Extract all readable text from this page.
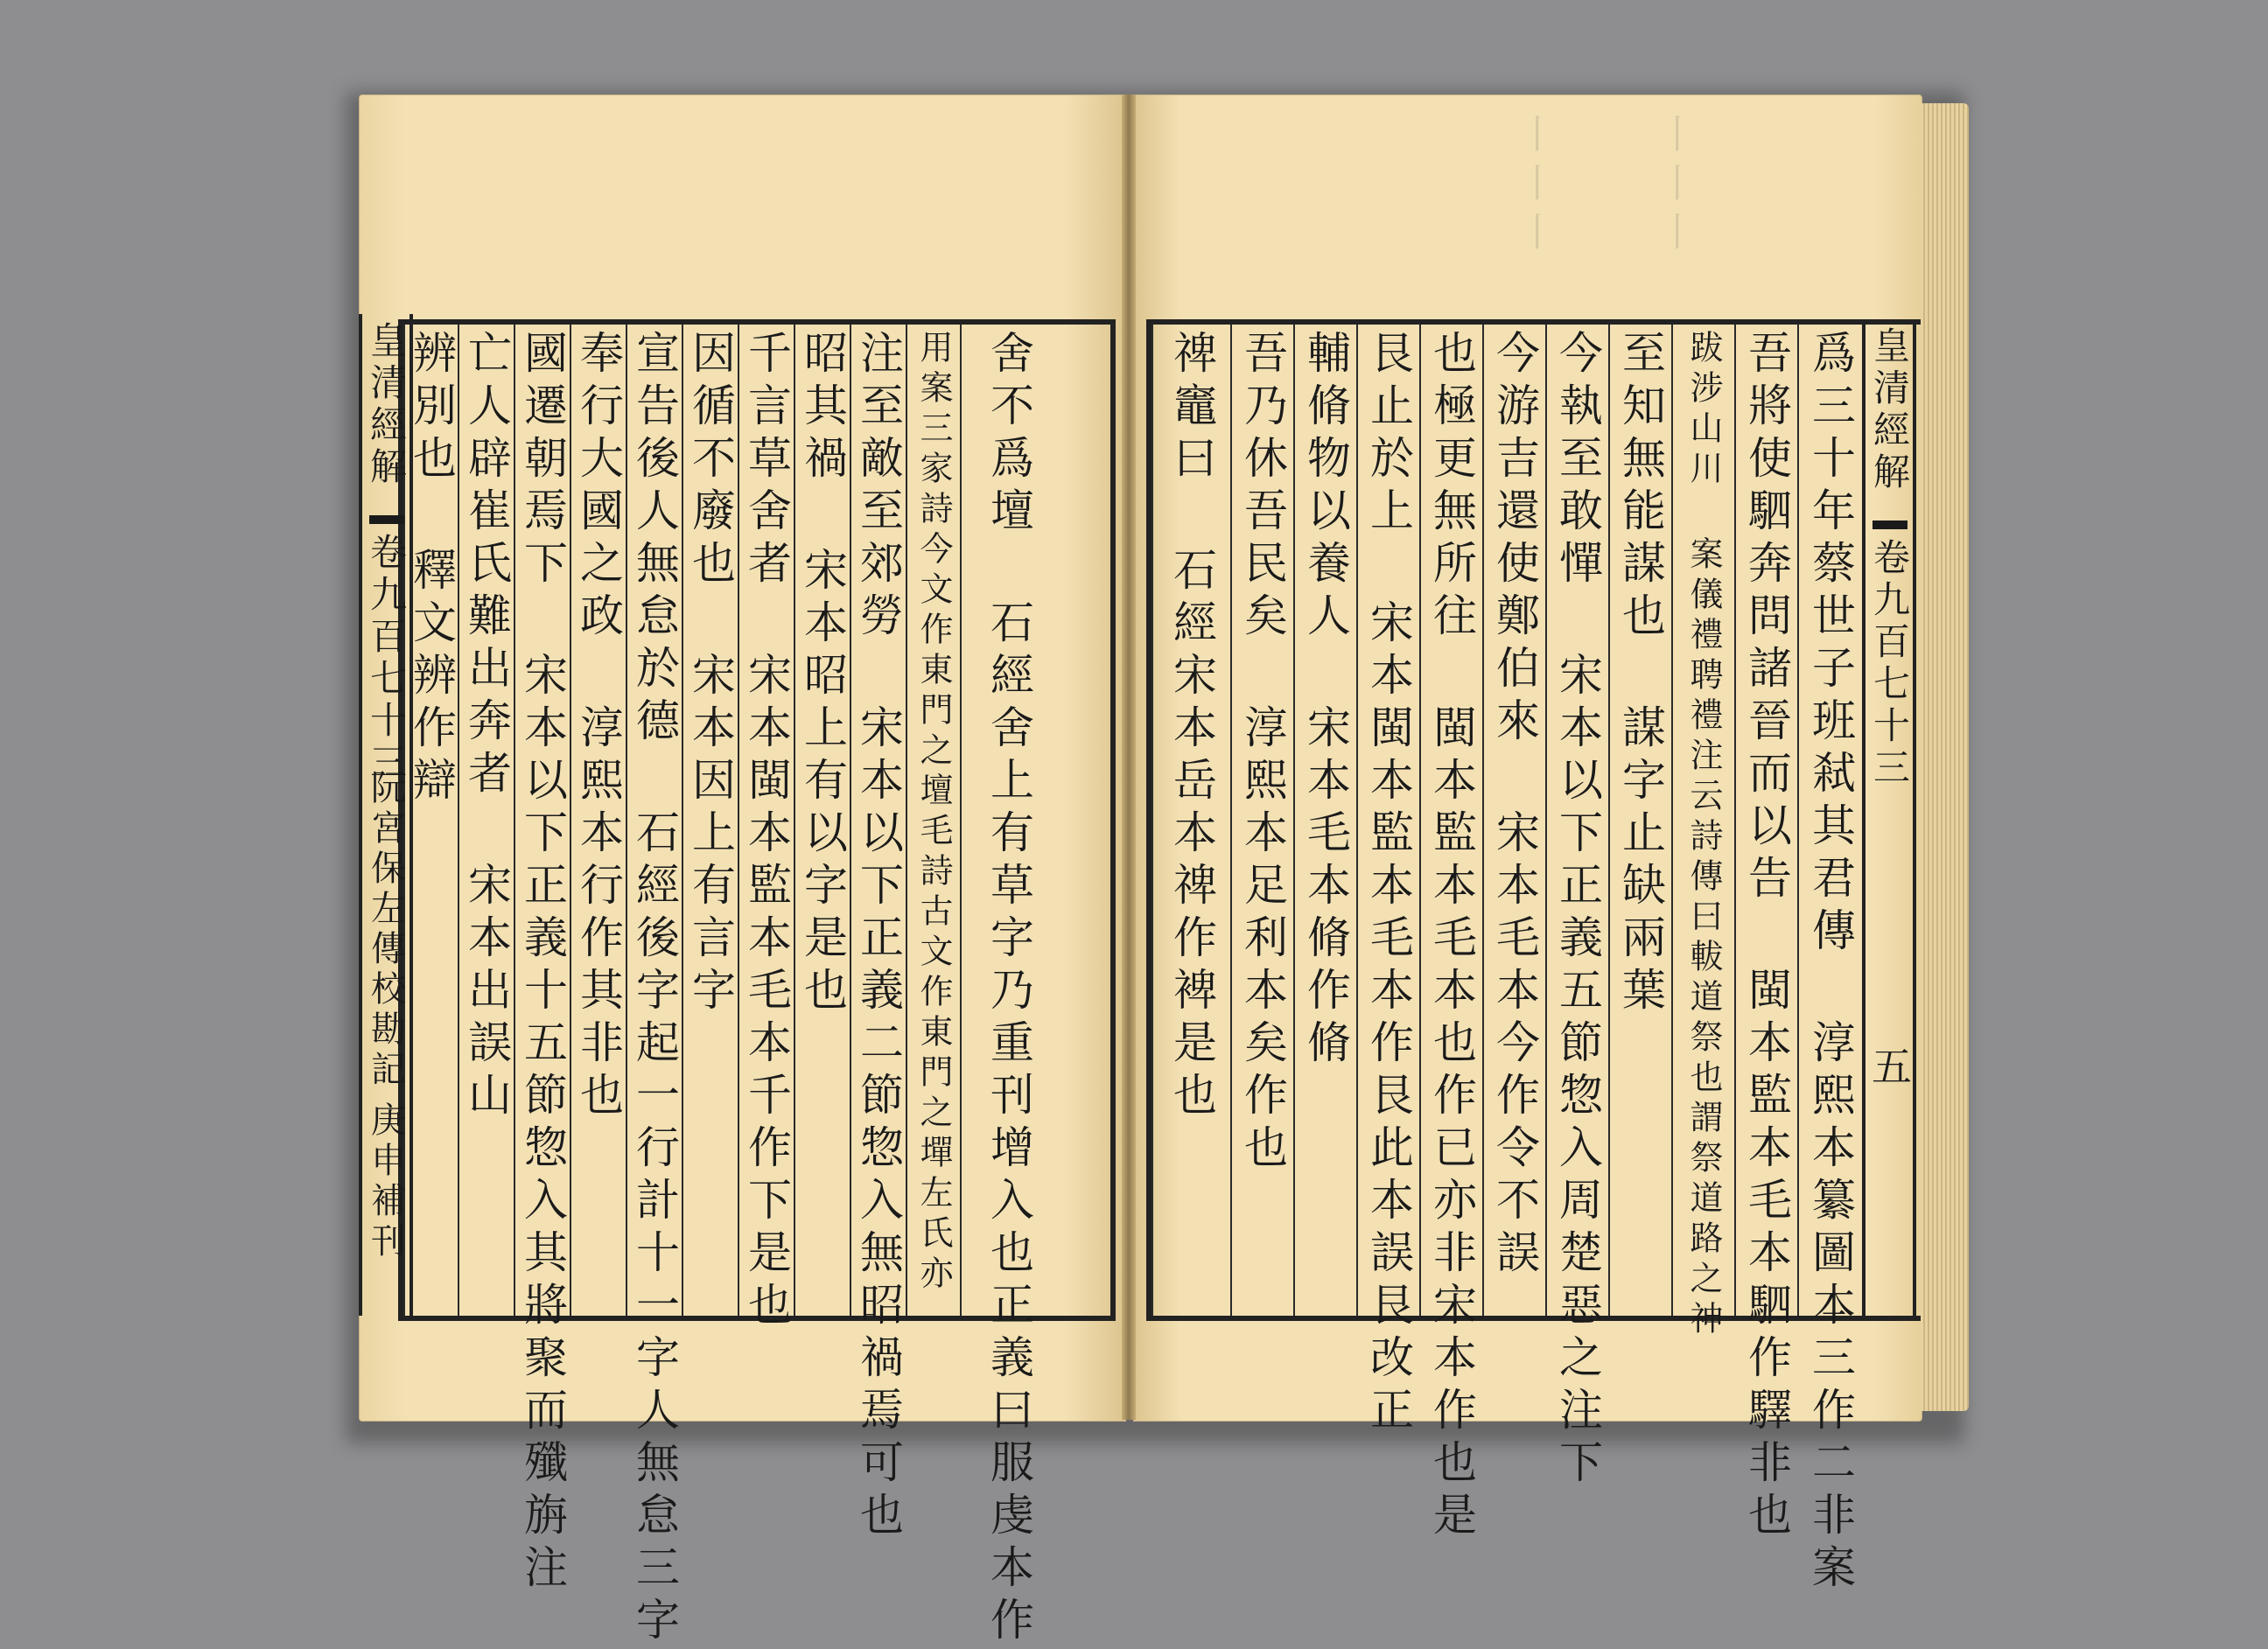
丨丨丨 丨丨丨
辨別也 釋文辨作辯 亡人辟崔氏難出奔者 宋本出誤山 國遷朝焉下 宋本以下正義十五節惣入其將聚而殲旃注 奉行大國之政 淳熙本行作其非也 宣告後人無怠於德 石經後字起一行計十一字人無怠三字 因循不廢也 宋本因上有言字 千言草舍者 宋本閩本監本毛本千作下是也 昭其禍 宋本昭上有以字是也 注至敵至郊勞 宋本以下正義二節惣入無昭禍焉可也 用案三家詩今文作東門之壇毛詩古文作東門之墠左氏亦 舍不爲壇 石經舍上有草字乃重刊增入也正義曰服虔本作
皇清經解
卷九百七十三
阮宮保左傳校勘記
庚申補刊
禆竈曰 石經宋本岳本禆作裨是也 吾乃休吾民矣 淳熙本足利本矣作也 輔脩物以養人 宋本毛本脩作脩 艮止於上 宋本閩本監本毛本作艮此本誤艮改正 也極更無所往 閩本監本毛本也作已亦非宋本作也是 今游吉還使鄭伯來 宋本毛本今作令不誤 今執至敢憚 宋本以下正義五節惣入周楚惡之注下 至知無能謀也 謀字止缺兩葉 跋涉山川 案儀禮聘禮注云詩傳曰軷道祭也謂祭道路之神 吾將使駟奔問諸晉而以告 閩本監本毛本駟作驛非也 爲三十年蔡世子班弒其君傳 淳熙本纂圖本三作二非案 皇清經解
卷九百七十三
五
